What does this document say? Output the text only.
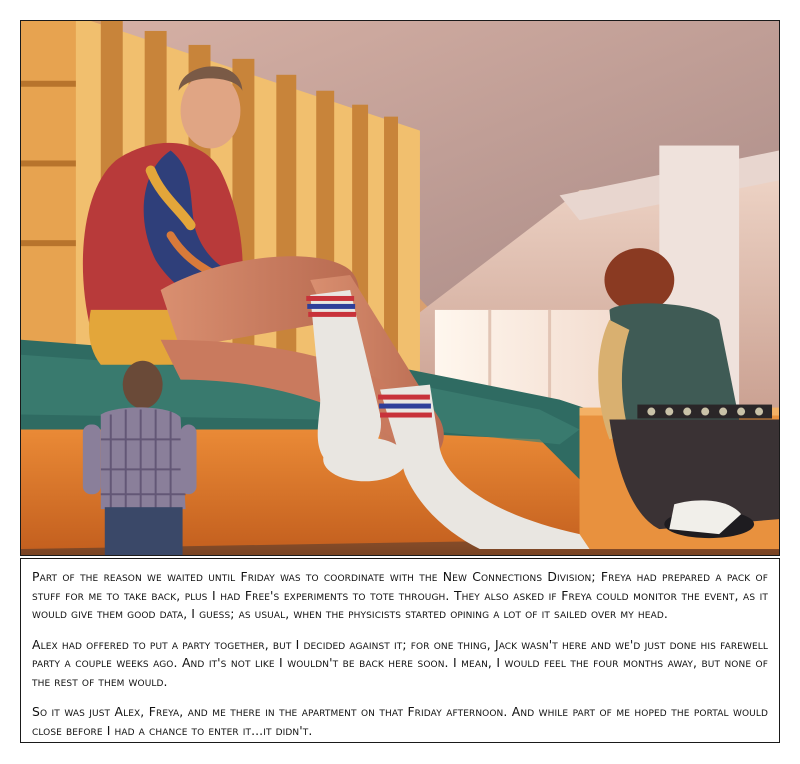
Part of the reason we waited until Friday was to coordinate with the New Connections Division; Freya had prepared a pack of stuff for me to take back, plus I had Free's experiments to tote through. They also asked if Freya could monitor the event, as it would give them good data, I guess; as usual, when the physicists started opining a lot of it sailed over my head.

Alex had offered to put a party together, but I decided against it; for one thing, Jack wasn't here and we'd just done his farewell party a couple weeks ago. And it's not like I wouldn't be back here soon. I mean, I would feel the four months away, but none of the rest of them would.

So it was just Alex, Freya, and me there in the apartment on that Friday afternoon. And while part of me hoped the portal would close before I had a chance to enter it...it didn't.
